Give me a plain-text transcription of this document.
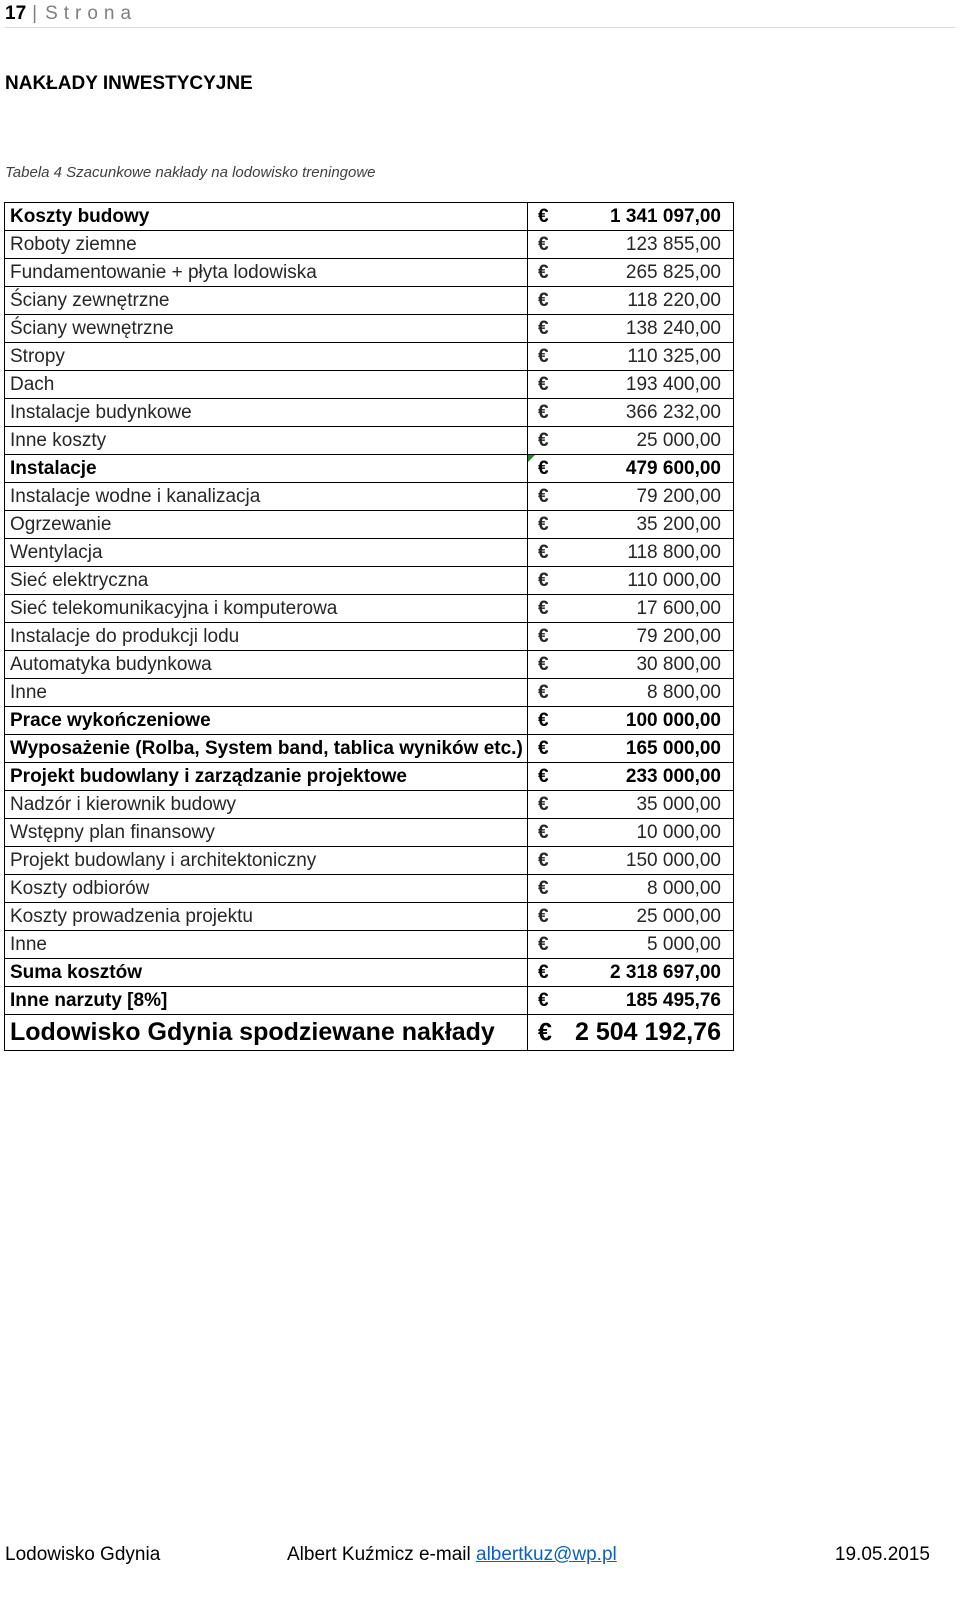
17 | Strona
NAKŁADY INWESTYCYJNE
Tabela 4 Szacunkowe nakłady na lodowisko treningowe
Koszty budowy	€ 1 341 097,00
Roboty ziemne	€ 123 855,00
Fundamentowanie + płyta lodowiska	€ 265 825,00
Ściany zewnętrzne	€ 118 220,00
Ściany wewnętrzne	€ 138 240,00
Stropy	€ 110 325,00
Dach	€ 193 400,00
Instalacje budynkowe	€ 366 232,00
Inne koszty	€ 25 000,00
Instalacje	€ 479 600,00
Instalacje wodne i kanalizacja	€ 79 200,00
Ogrzewanie	€ 35 200,00
Wentylacja	€ 118 800,00
Sieć elektryczna	€ 110 000,00
Sieć telekomunikacyjna i komputerowa	€ 17 600,00
Instalacje do produkcji lodu	€ 79 200,00
Automatyka budynkowa	€ 30 800,00
Inne	€ 8 800,00
Prace wykończeniowe	€ 100 000,00
Wyposażenie (Rolba, System band, tablica wyników etc.)	€ 165 000,00
Projekt budowlany i zarządzanie projektowe	€ 233 000,00
Nadzór i kierownik budowy	€ 35 000,00
Wstępny plan finansowy	€ 10 000,00
Projekt budowlany i architektoniczny	€ 150 000,00
Koszty odbiorów	€ 8 000,00
Koszty prowadzenia projektu	€ 25 000,00
Inne	€ 5 000,00
Suma kosztów	€ 2 318 697,00
Inne narzuty [8%]	€ 185 495,76
Lodowisko Gdynia spodziewane nakłady	€ 2 504 192,76
Lodowisko Gdynia	Albert Kuźmicz e-mail albertkuz@wp.pl	19.05.2015
